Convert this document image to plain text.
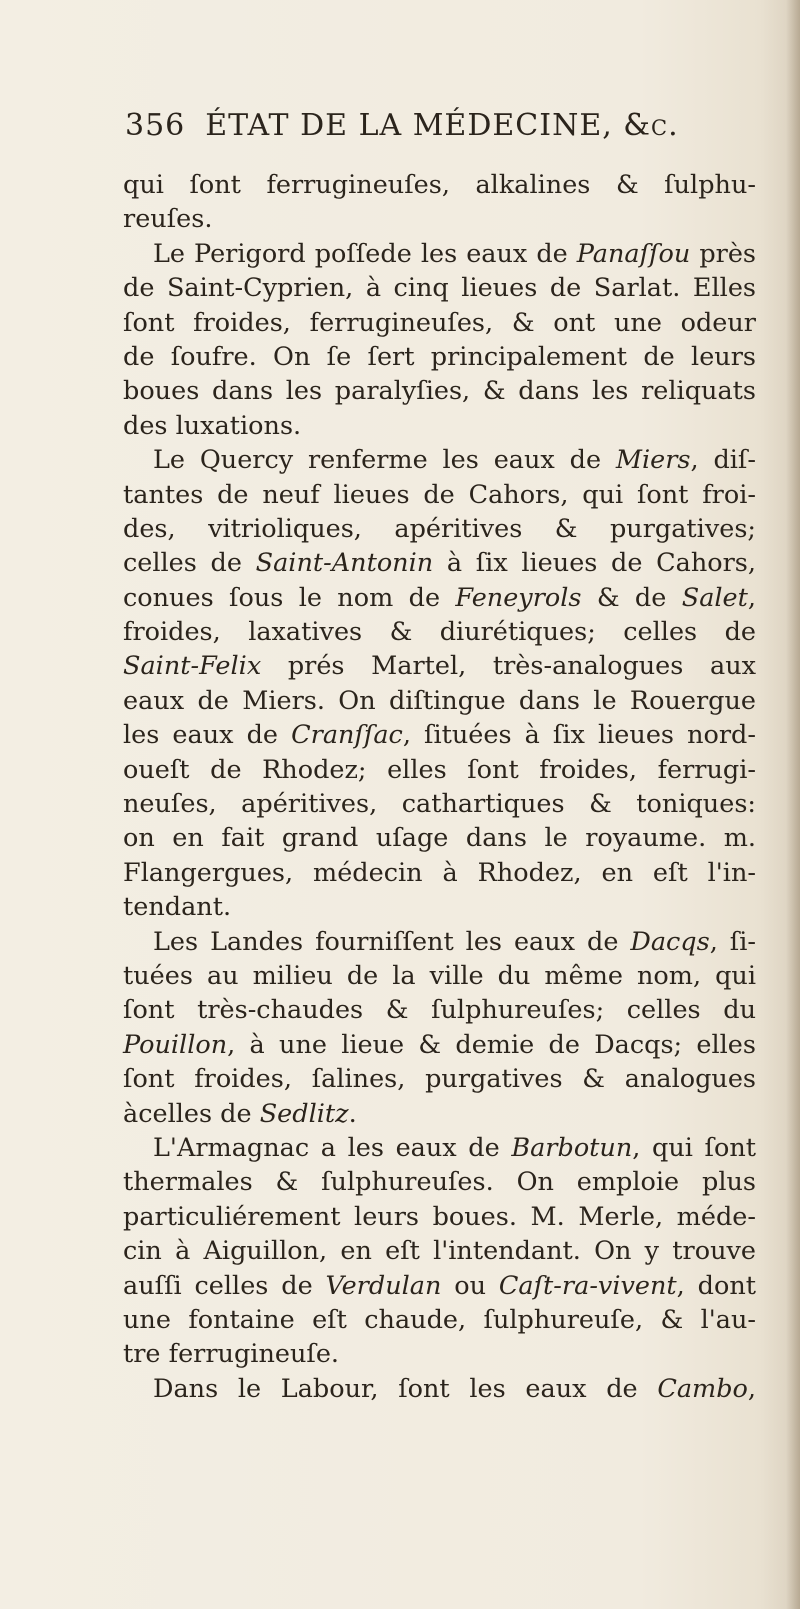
356 ÉTAT DE LA MÉDECINE, &c.
qui ſont ferrugineuſes, alkalines & ſulphu-
reuſes.
Le Perigord poſſede les eaux de Panaſſou près
de Saint-Cyprien, à cinq lieues de Sarlat. Elles
ſont froides, ferrugineuſes, & ont une odeur
de ſoufre. On ſe ſert principalement de leurs
boues dans les paralyſies, & dans les reliquats
des luxations.
Le Quercy renferme les eaux de Miers, diſ-
tantes de neuf lieues de Cahors, qui ſont froi-
des, vitrioliques, apéritives & purgatives;
celles de Saint-Antonin à ſix lieues de Cahors,
conues ſous le nom de Feneyrols & de Salet,
froides, laxatives & diurétiques; celles de
Saint-Felix prés Martel, très-analogues aux
eaux de Miers. On diſtingue dans le Rouergue
les eaux de Cranſſac, ſituées à ſix lieues nord-
oueſt de Rhodez; elles ſont froides, ferrugi-
neuſes, apéritives, cathartiques & toniques:
on en fait grand uſage dans le royaume. m.
Flangergues, médecin à Rhodez, en eſt l'in-
tendant.
Les Landes fourniſſent les eaux de Dacqs, ſi-
tuées au milieu de la ville du même nom, qui
ſont très-chaudes & ſulphureuſes; celles du
Pouillon, à une lieue & demie de Dacqs; elles
ſont froides, ſalines, purgatives & analogues
àcelles de Sedlitz.
L'Armagnac a les eaux de Barbotun, qui ſont
thermales & ſulphureuſes. On emploie plus
particuliérement leurs boues. M. Merle, méde-
cin à Aiguillon, en eſt l'intendant. On y trouve
auſſi celles de Verdulan ou Caſt-ra-vivent, dont
une fontaine eſt chaude, ſulphureuſe, & l'au-
tre ferrugineuſe.
Dans le Labour, ſont les eaux de Cambo,
